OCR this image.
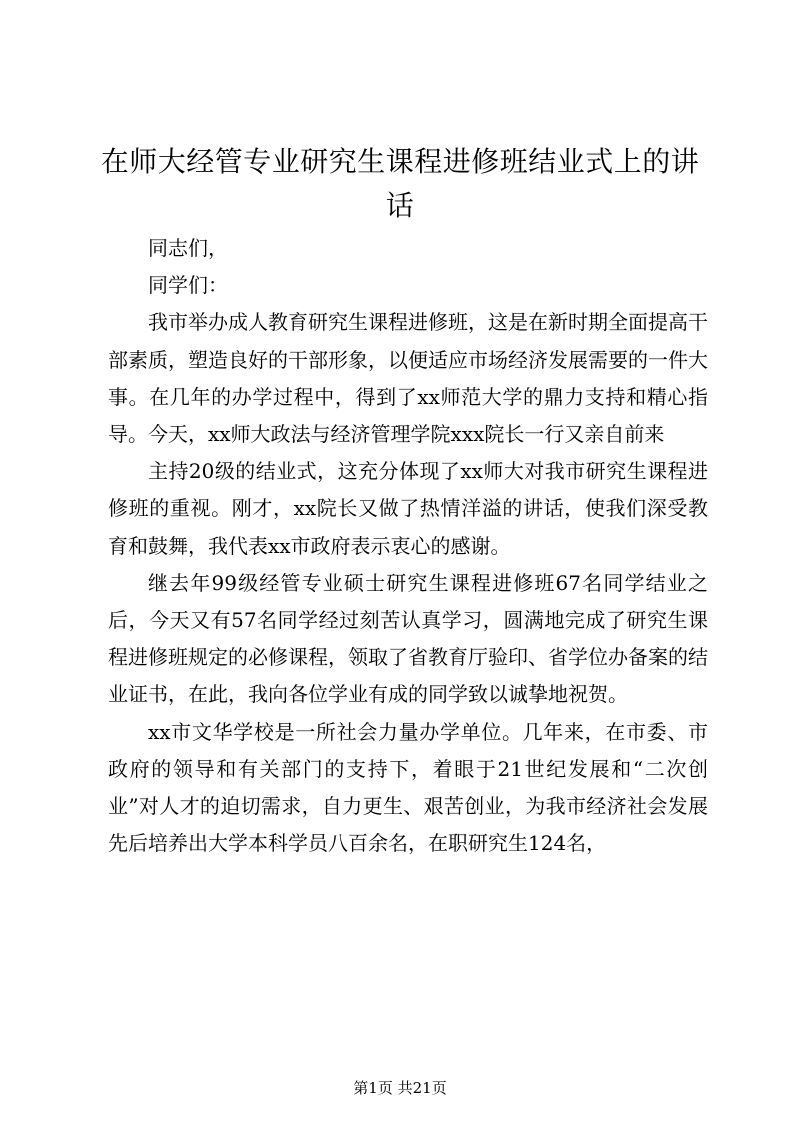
在师大经管专业研究生课程进修班结业式上的讲话

同志们，

同学们：

我市举办成人教育研究生课程进修班，这是在新时期全面提高干部素质，塑造良好的干部形象，以便适应市场经济发展需要的一件大事。在几年的办学过程中，得到了xx师范大学的鼎力支持和精心指导。今天，xx师大政法与经济管理学院xxx院长一行又亲自前来

主持20级的结业式，这充分体现了xx师大对我市研究生课程进修班的重视。刚才，xx院长又做了热情洋溢的讲话，使我们深受教育和鼓舞，我代表xx市政府表示衷心的感谢。

继去年99级经管专业硕士研究生课程进修班67名同学结业之后，今天又有57名同学经过刻苦认真学习，圆满地完成了研究生课程进修班规定的必修课程，领取了省教育厅验印、省学位办备案的结业证书，在此，我向各位学业有成的同学致以诚挚地祝贺。

xx市文华学校是一所社会力量办学单位。几年来，在市委、市政府的领导和有关部门的支持下，着眼于21世纪发展和“二次创业”对人才的迫切需求，自力更生、艰苦创业，为我市经济社会发展先后培养出大学本科学员八百余名，在职研究生124名，

第1页 共21页
